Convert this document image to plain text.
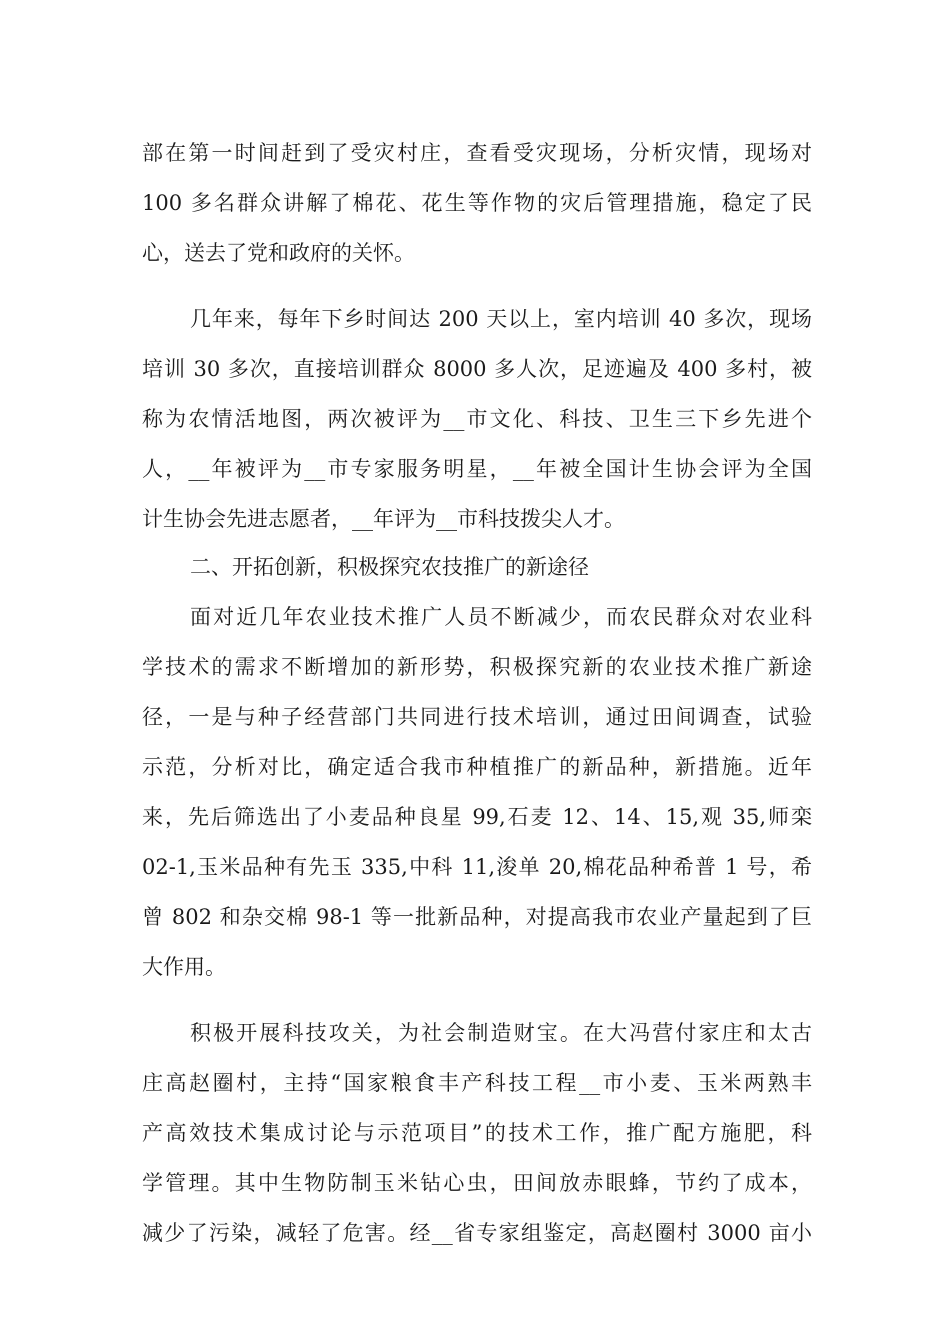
部在第一时间赶到了受灾村庄，查看受灾现场，分析灾情，现场对
100 多名群众讲解了棉花、花生等作物的灾后管理措施，稳定了民
心，送去了党和政府的关怀。
几年来，每年下乡时间达 200 天以上，室内培训 40 多次，现场
培训 30 多次，直接培训群众 8000 多人次，足迹遍及 400 多村，被
称为农情活地图，两次被评为__市文化、科技、卫生三下乡先进个
人，__年被评为__市专家服务明星，__年被全国计生协会评为全国
计生协会先进志愿者，__年评为__市科技拨尖人才。
二、开拓创新，积极探究农技推广的新途径
面对近几年农业技术推广人员不断减少，而农民群众对农业科
学技术的需求不断增加的新形势，积极探究新的农业技术推广新途
径，一是与种子经营部门共同进行技术培训，通过田间调查，试验
示范，分析对比，确定适合我市种植推广的新品种，新措施。近年
来，先后筛选出了小麦品种良星 99,石麦 12、14、15,观 35,师栾
02-1,玉米品种有先玉 335,中科 11,浚单 20,棉花品种希普 1 号，希
曾 802 和杂交棉 98-1 等一批新品种，对提高我市农业产量起到了巨
大作用。
积极开展科技攻关，为社会制造财宝。在大冯营付家庄和太古
庄高赵圈村，主持“国家粮食丰产科技工程__市小麦、玉米两熟丰
产高效技术集成讨论与示范项目”的技术工作，推广配方施肥，科
学管理。其中生物防制玉米钻心虫，田间放赤眼蜂，节约了成本，
减少了污染，减轻了危害。经__省专家组鉴定，高赵圈村 3000 亩小
